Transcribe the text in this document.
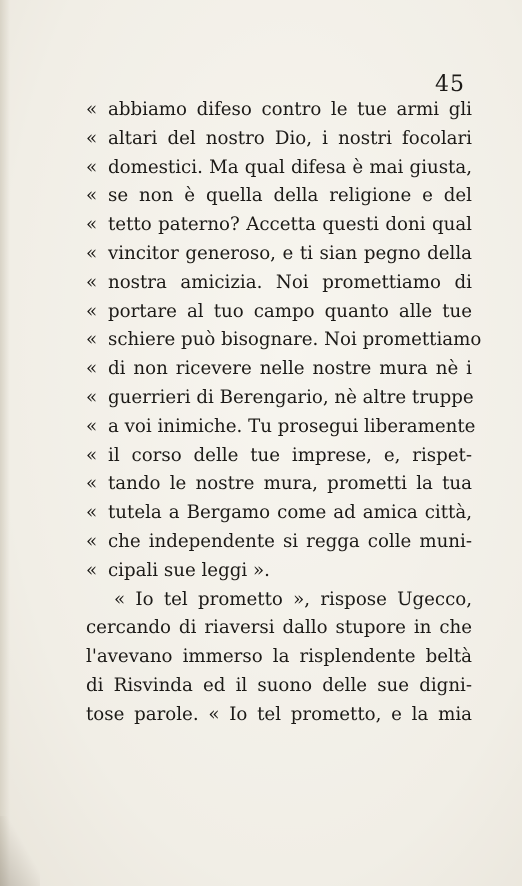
45
« abbiamo difeso contro le tue armi gli
« altari del nostro Dio, i nostri focolari
« domestici. Ma qual difesa è mai giusta,
« se non è quella della religione e del
« tetto paterno? Accetta questi doni qual
« vincitor generoso, e ti sian pegno della
« nostra amicizia. Noi promettiamo di
« portare al tuo campo quanto alle tue
« schiere può bisognare. Noi promettiamo
« di non ricevere nelle nostre mura nè i
« guerrieri di Berengario, nè altre truppe
« a voi inimiche. Tu prosegui liberamente
« il corso delle tue imprese, e, rispet-
« tando le nostre mura, prometti la tua
« tutela a Bergamo come ad amica città,
« che independente si regga colle muni-
« cipali sue leggi ».
« Io tel prometto », rispose Ugecco,
cercando di riaversi dallo stupore in che
l'avevano immerso la risplendente beltà
di Risvinda ed il suono delle sue digni-
tose parole. « Io tel prometto, e la mia
